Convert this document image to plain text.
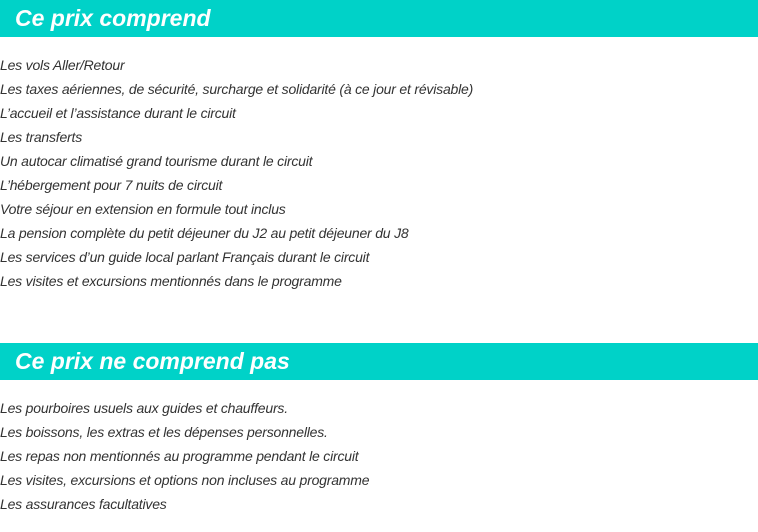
Ce prix comprend
Les vols Aller/Retour
Les taxes aériennes, de sécurité, surcharge et solidarité (à ce jour et révisable)
L’accueil et l’assistance durant le circuit
Les transferts
Un autocar climatisé grand tourisme durant le circuit
L’hébergement pour 7 nuits de circuit
Votre séjour en extension en formule tout inclus
La pension complète du petit déjeuner du J2 au petit déjeuner du J8
Les services d’un guide local parlant Français durant le circuit
Les visites et excursions mentionnés dans le programme
Ce prix ne comprend pas
Les pourboires usuels aux guides et chauffeurs.
Les boissons, les extras et les dépenses personnelles.
Les repas non mentionnés au programme pendant le circuit
Les visites, excursions et options non incluses au programme
Les assurances facultatives
